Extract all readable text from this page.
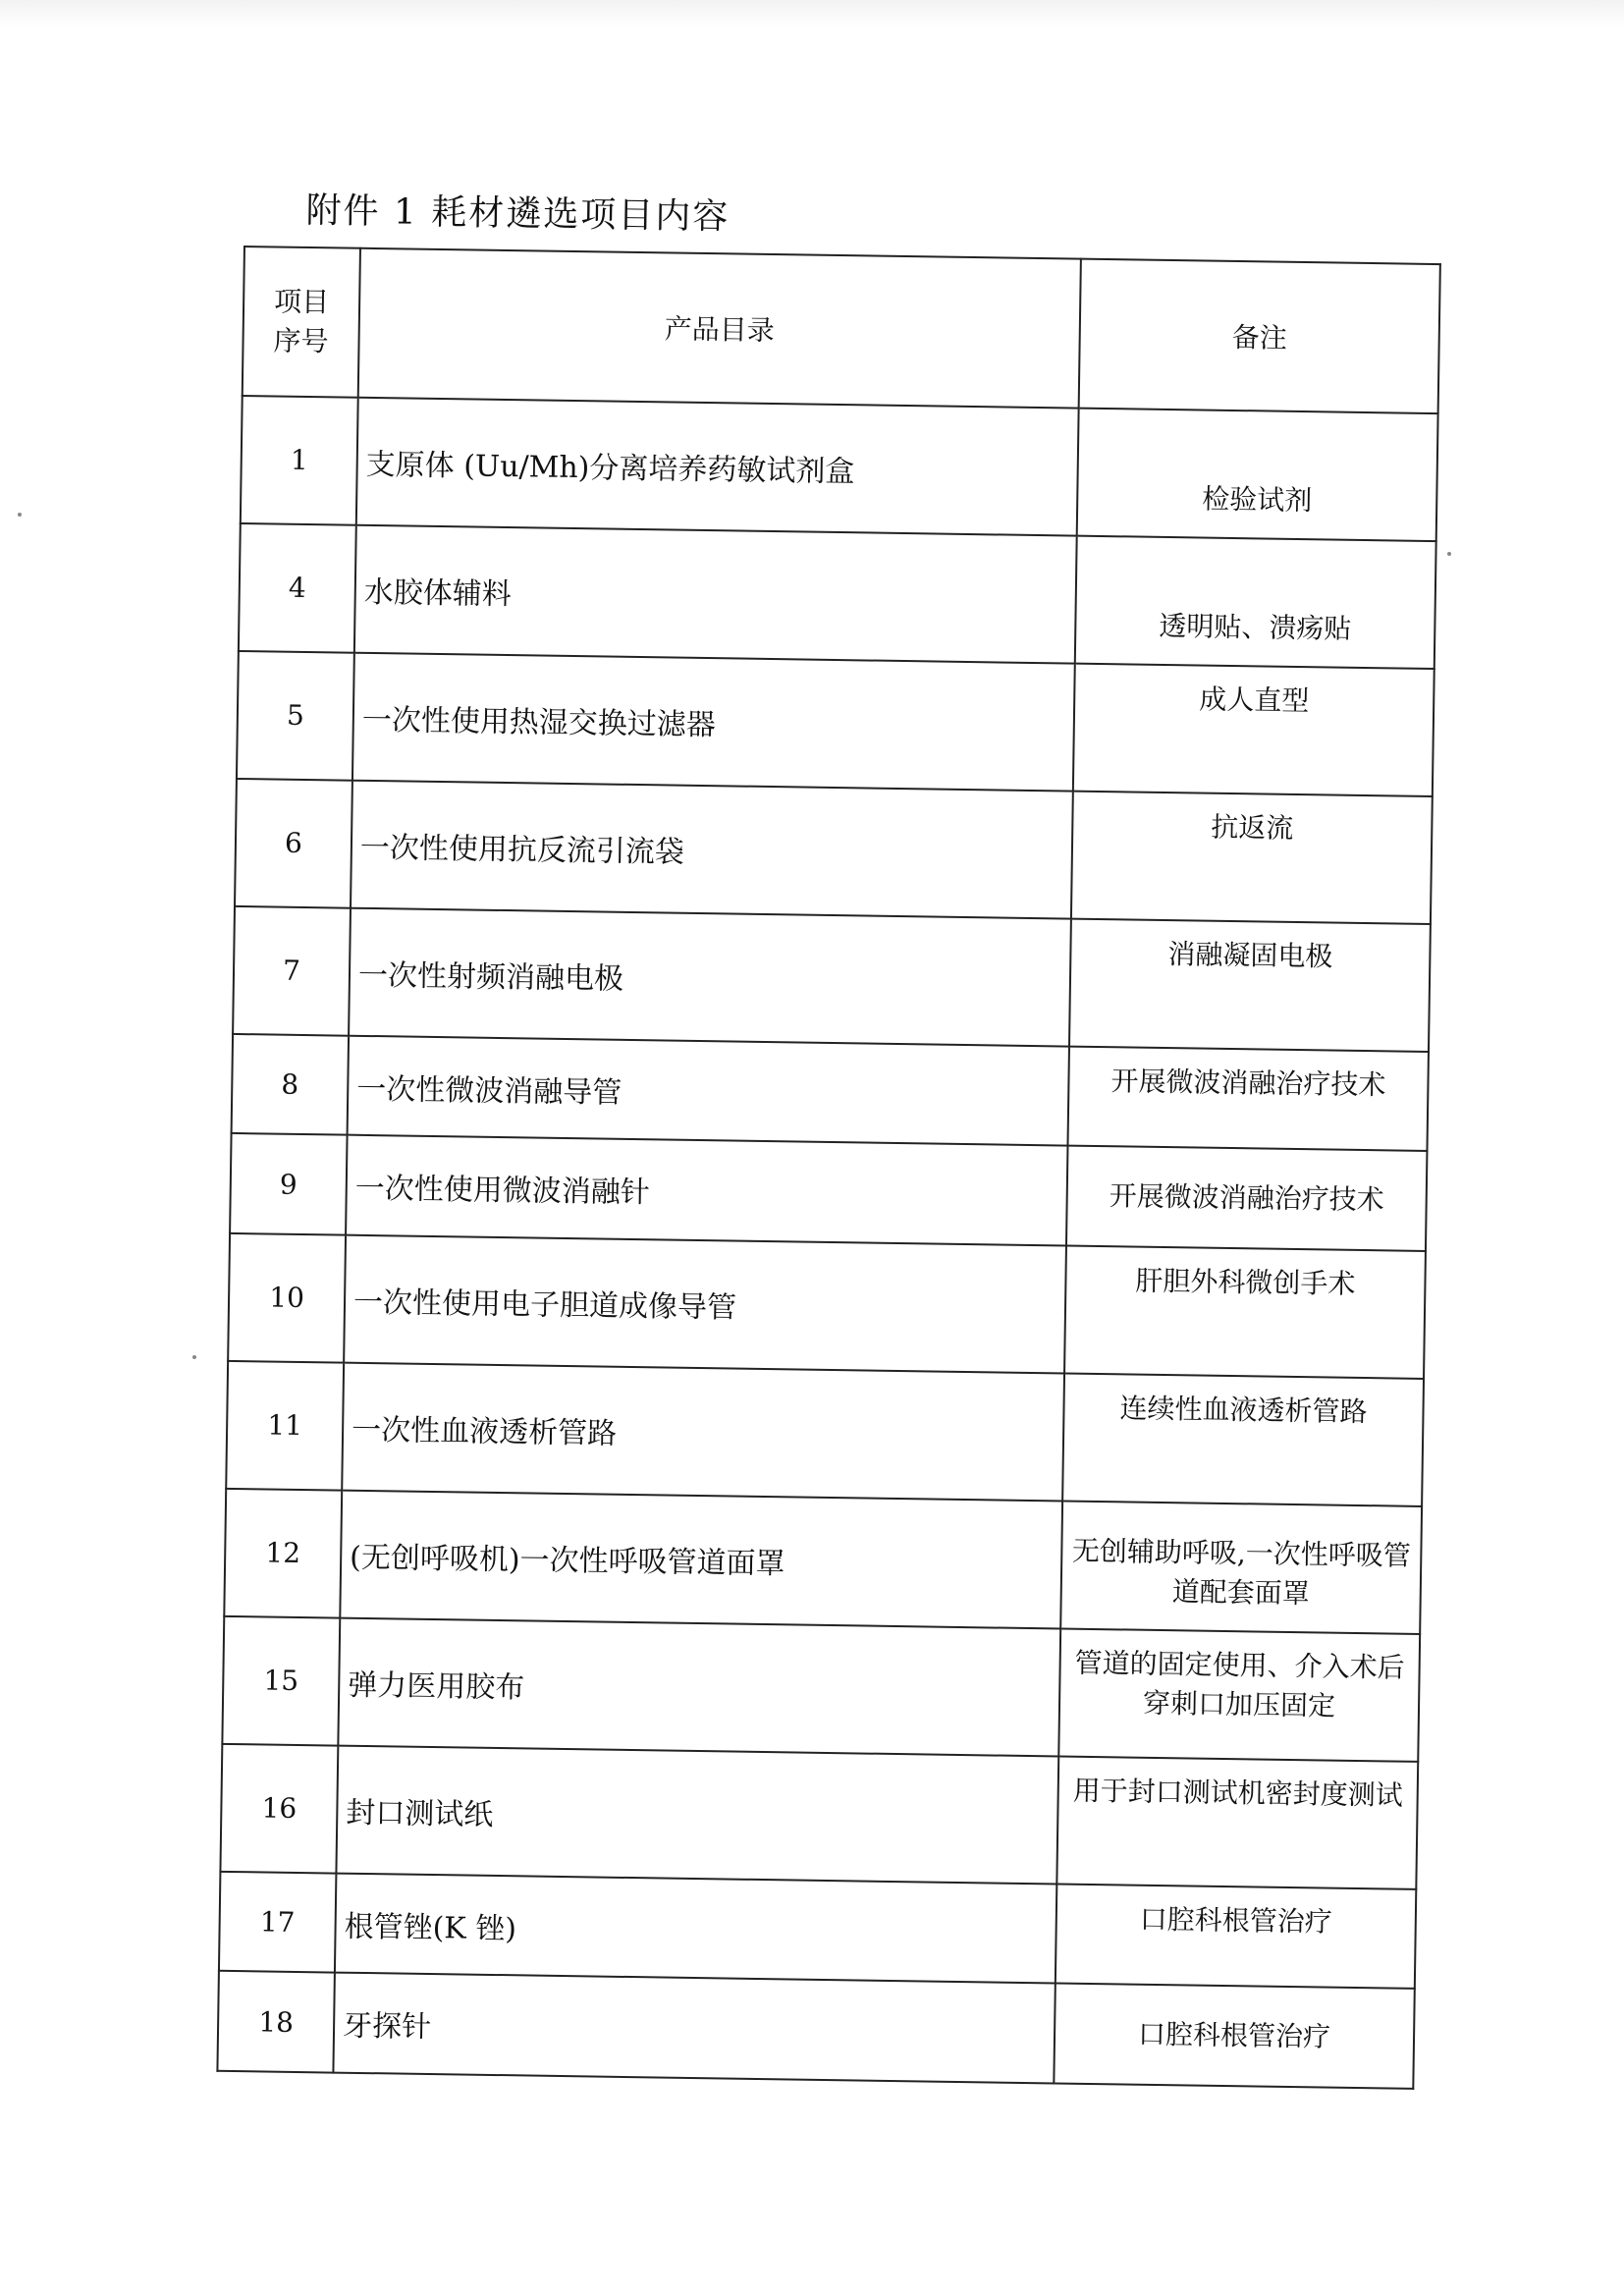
附件 1 耗材遴选项目内容
项目
序号	产品目录	备注
1	支原体 (Uu/Mh)分离培养药敏试剂盒	检验试剂
4	水胶体辅料	透明贴、溃疡贴
5	一次性使用热湿交换过滤器	成人直型
6	一次性使用抗反流引流袋	抗返流
7	一次性射频消融电极	消融凝固电极
8	一次性微波消融导管	开展微波消融治疗技术
9	一次性使用微波消融针	开展微波消融治疗技术
10	一次性使用电子胆道成像导管	肝胆外科微创手术
11	一次性血液透析管路	连续性血液透析管路
12	(无创呼吸机)一次性呼吸管道面罩	无创辅助呼吸,一次性呼吸管道配套面罩
15	弹力医用胶布	管道的固定使用、介入术后穿刺口加压固定
16	封口测试纸	用于封口测试机密封度测试
17	根管锉(K 锉)	口腔科根管治疗
18	牙探针	口腔科根管治疗
